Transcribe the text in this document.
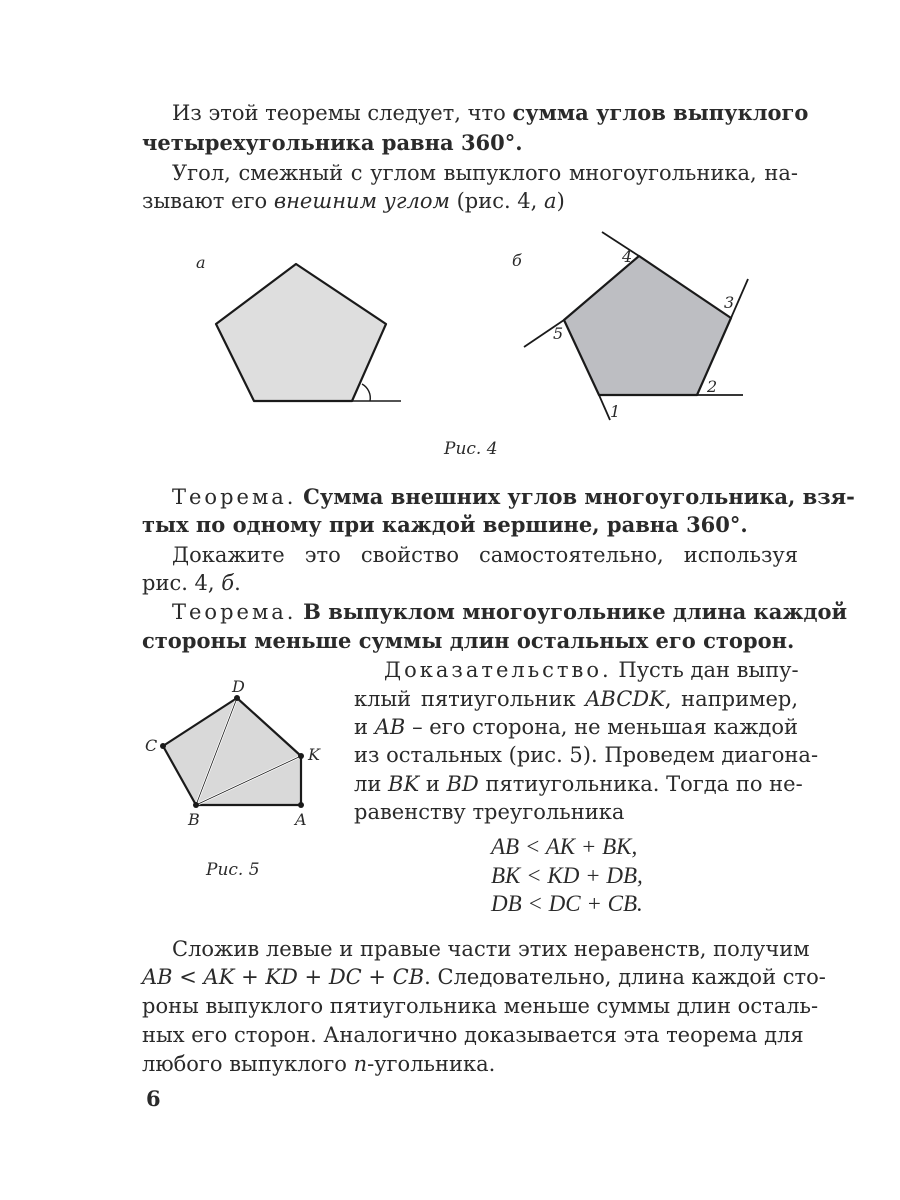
Из этой теоремы следует, что сумма углов выпуклого
четырехугольника равна 360°.
Угол, смежный с углом выпуклого многоугольника, на-
зывают его внешним углом (рис. 4, а)
а	б
1
2
3
4
5
A
B
C
D
K
Рис. 4
Теорема. Сумма внешних углов многоугольника, взя-
тых по одному при каждой вершине, равна 360°.
Докажите это свойство самостоятельно, используя
рис. 4, б.
Теорема. В выпуклом многоугольнике длина каждой
стороны меньше суммы длин остальных его сторон.
Доказательство. Пусть дан выпу-
клый пятиугольник ABCDK, например,
и AB – его сторона, не меньшая каждой
из остальных (рис. 5). Проведем диагона-
ли BK и BD пятиугольника. Тогда по не-
равенству треугольника
Рис. 5
AB < AK + BK,
BK < KD + DB,
DB < DC + CB.
Сложив левые и правые части этих неравенств, получим
AB < AK + KD + DC + CB. Следовательно, длина каждой сто-
роны выпуклого пятиугольника меньше суммы длин осталь-
ных его сторон. Аналогично доказывается эта теорема для
любого выпуклого n-угольника.
6
